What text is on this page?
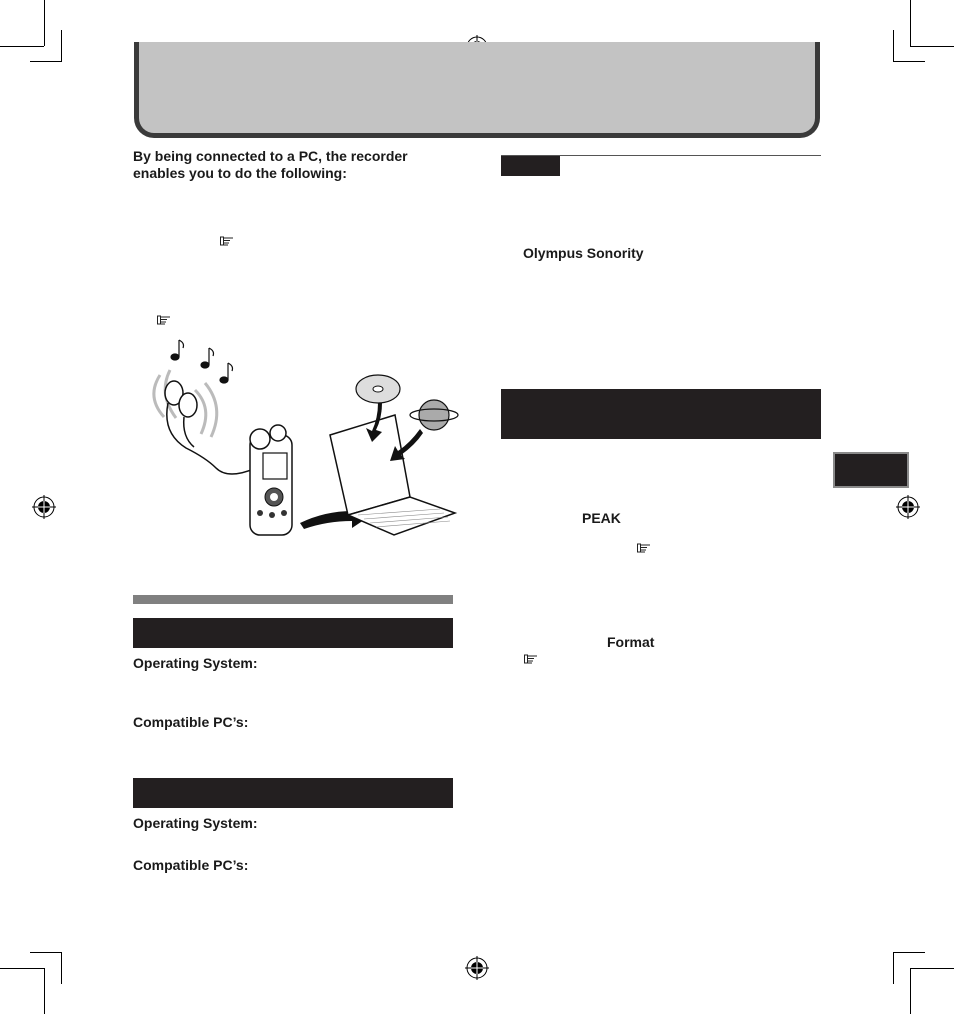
By being connected to a PC, the recorder enables you to do the following:
Operating System:
Compatible PC’s:
Operating System:
Compatible PC’s:
Olympus Sonority
PEAK
Format
